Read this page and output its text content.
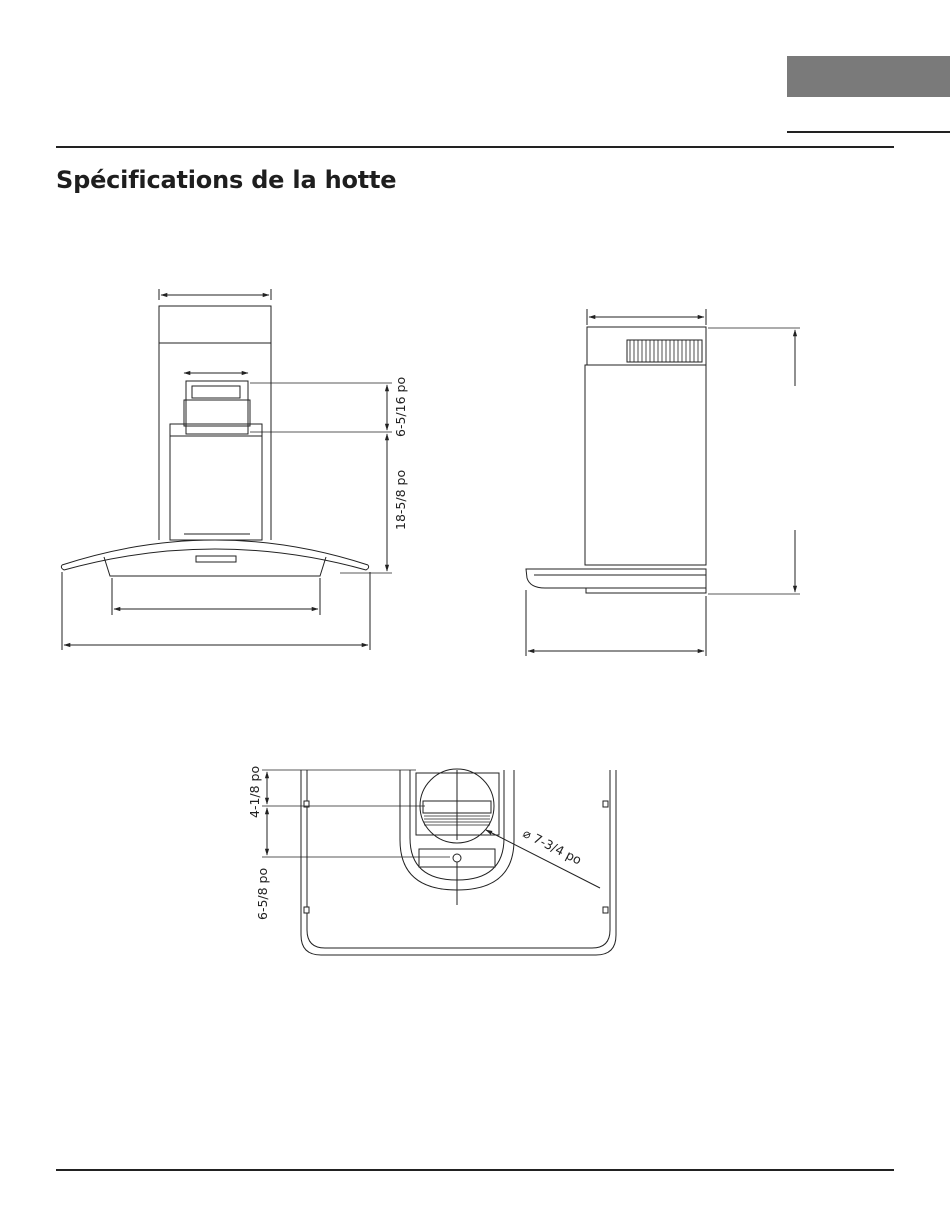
Spécifications de la hotte
6-5/16 po
18-5/8 po
4-1/8 po
6-5/8 po
⌀ 7-3/4 po
